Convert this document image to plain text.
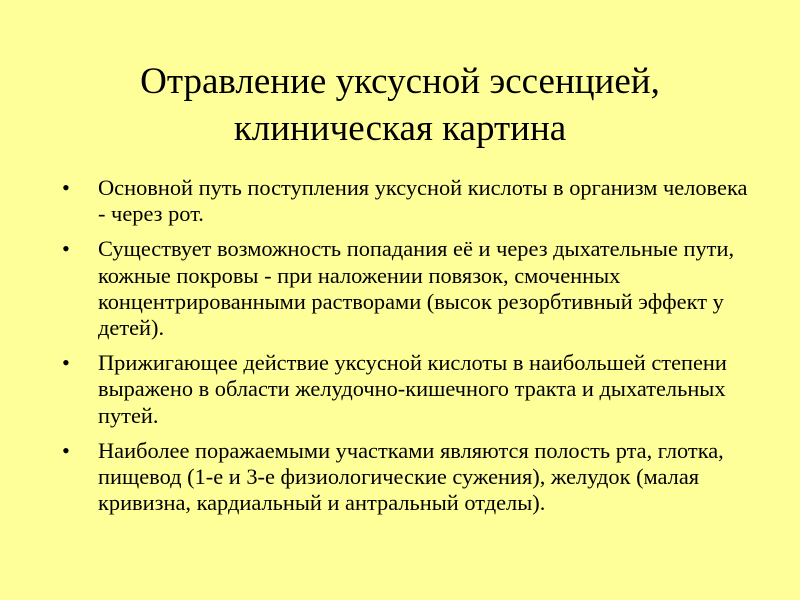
Отравление уксусной эссенцией,
клиническая картина
•	Основной путь поступления уксусной кислоты в организм человека - через рот.
•	Существует возможность попадания её и через дыхательные пути, кожные покровы - при наложении повязок, смоченных концентрированными растворами (высок резорбтивный эффект у детей).
•	Прижигающее действие уксусной кислоты в наибольшей степени выражено в области желудочно-кишечного тракта и дыхательных путей.
•	Наиболее поражаемыми участками являются полость рта, глотка, пищевод (1-е и 3-е физиологические сужения), желудок (малая кривизна, кардиальный и антральный отделы).
